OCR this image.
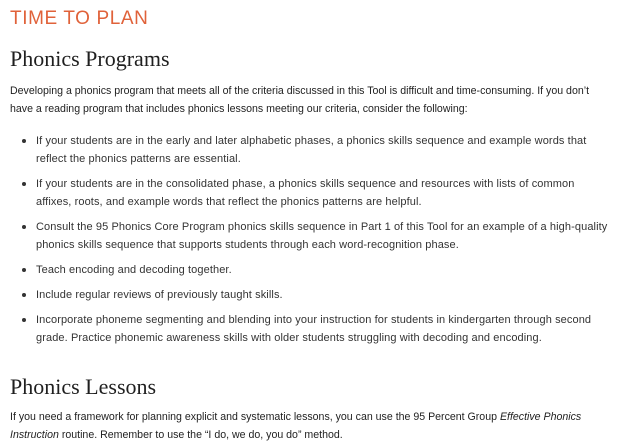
TIME TO PLAN
Phonics Programs

Developing a phonics program that meets all of the criteria discussed in this Tool is difficult and time-consuming. If you don’t have a reading program that includes phonics lessons meeting our criteria, consider the following:

If your students are in the early and later alphabetic phases, a phonics skills sequence and example words that reflect the phonics patterns are essential.
If your students are in the consolidated phase, a phonics skills sequence and resources with lists of common affixes, roots, and example words that reflect the phonics patterns are helpful.
Consult the 95 Phonics Core Program phonics skills sequence in Part 1 of this Tool for an example of a high-quality phonics skills sequence that supports students through each word-recognition phase.
Teach encoding and decoding together.
Include regular reviews of previously taught skills.
Incorporate phoneme segmenting and blending into your instruction for students in kindergarten through second grade. Practice phonemic awareness skills with older students struggling with decoding and encoding.
Phonics Lessons

If you need a framework for planning explicit and systematic lessons, you can use the 95 Percent Group Effective Phonics Instruction routine. Remember to use the “I do, we do, you do” method.
